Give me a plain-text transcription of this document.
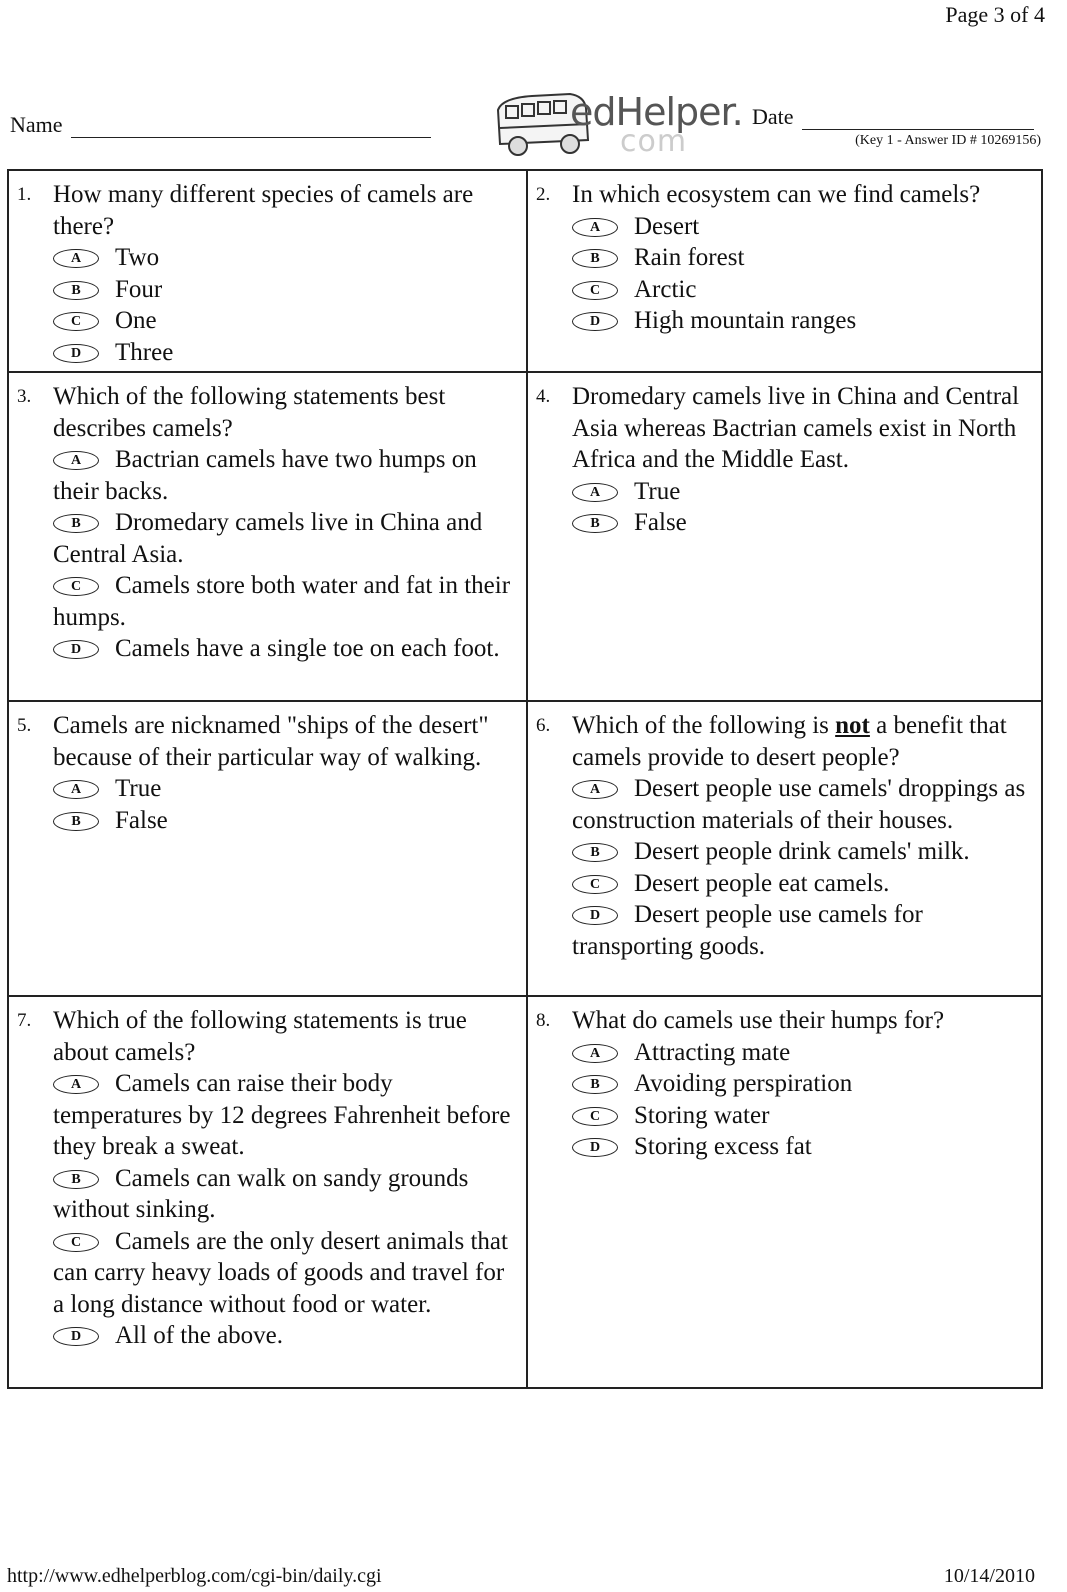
Page 3 of 4
Name	edHelper.
com
Date
(Key 1 - Answer ID # 10269156)
1. How many different species of camels are there?
A Two
B Four
C One
D Three
2. In which ecosystem can we find camels?
A Desert
B Rain forest
C Arctic
D High mountain ranges
3. Which of the following statements best describes camels?
A Bactrian camels have two humps on their backs.
B Dromedary camels live in China and Central Asia.
C Camels store both water and fat in their humps.
D Camels have a single toe on each foot.
4. Dromedary camels live in China and Central Asia whereas Bactrian camels exist in North Africa and the Middle East.
A True
B False
5. Camels are nicknamed "ships of the desert" because of their particular way of walking.
A True
B False
6. Which of the following is not a benefit that camels provide to desert people?
A Desert people use camels' droppings as construction materials of their houses.
B Desert people drink camels' milk.
C Desert people eat camels.
D Desert people use camels for transporting goods.
7. Which of the following statements is true about camels?
A Camels can raise their body temperatures by 12 degrees Fahrenheit before they break a sweat.
B Camels can walk on sandy grounds without sinking.
C Camels are the only desert animals that can carry heavy loads of goods and travel for a long distance without food or water.
D All of the above.
8. What do camels use their humps for?
A Attracting mate
B Avoiding perspiration
C Storing water
D Storing excess fat
http://www.edhelperblog.com/cgi-bin/daily.cgi	10/14/2010
